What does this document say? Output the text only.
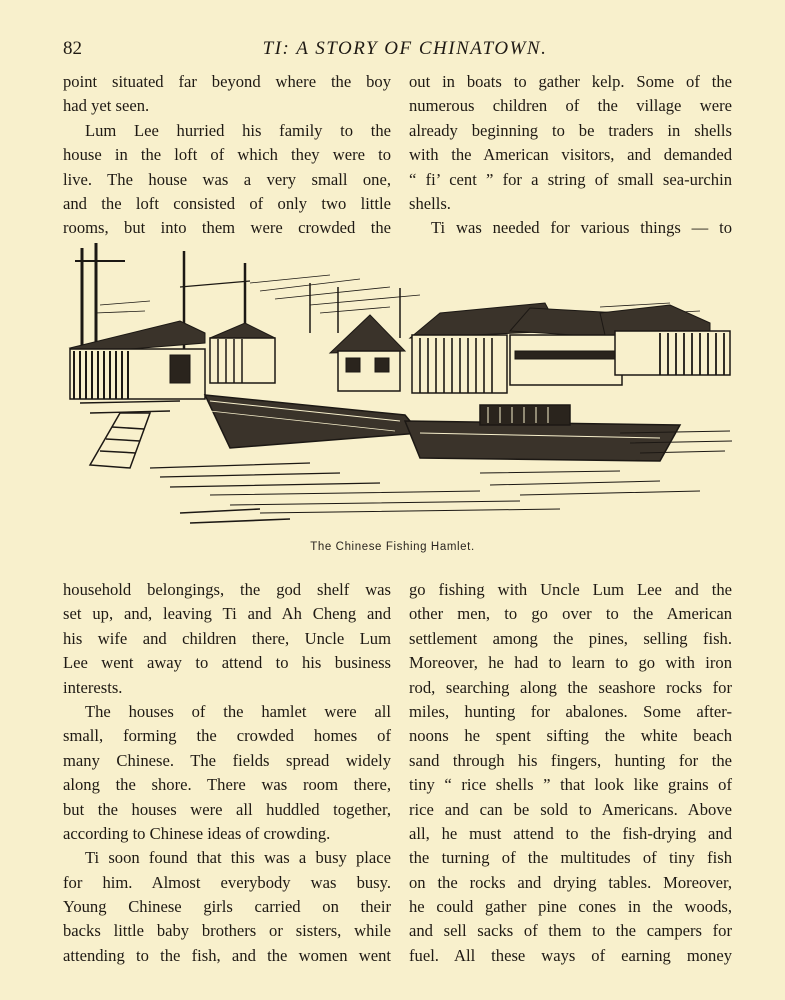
82	TI: A STORY OF CHINATOWN.
point situated far beyond where the boy
had yet seen.
Lum Lee hurried his family to the
house in the loft of which they were to
live. The house was a very small one,
and the loft consisted of only two little
rooms, but into them were crowded the
out in boats to gather kelp. Some of the
numerous children of the village were
already beginning to be traders in shells
with the American visitors, and demanded
“ fi’ cent ” for a string of small sea-urchin
shells.
Ti was needed for various things — to
The Chinese Fishing Hamlet.
household belongings, the god shelf was
set up, and, leaving Ti and Ah Cheng and
his wife and children there, Uncle Lum
Lee went away to attend to his business
interests.
The houses of the hamlet were all
small, forming the crowded homes of
many Chinese. The fields spread widely
along the shore. There was room there,
but the houses were all huddled together,
according to Chinese ideas of crowding.
Ti soon found that this was a busy place
for him. Almost everybody was busy.
Young Chinese girls carried on their
backs little baby brothers or sisters, while
attending to the fish, and the women went
go fishing with Uncle Lum Lee and the
other men, to go over to the American
settlement among the pines, selling fish.
Moreover, he had to learn to go with iron
rod, searching along the seashore rocks for
miles, hunting for abalones. Some after-
noons he spent sifting the white beach
sand through his fingers, hunting for the
tiny “ rice shells ” that look like grains of
rice and can be sold to Americans. Above
all, he must attend to the fish-drying and
the turning of the multitudes of tiny fish
on the rocks and drying tables. Moreover,
he could gather pine cones in the woods,
and sell sacks of them to the campers for
fuel. All these ways of earning money
